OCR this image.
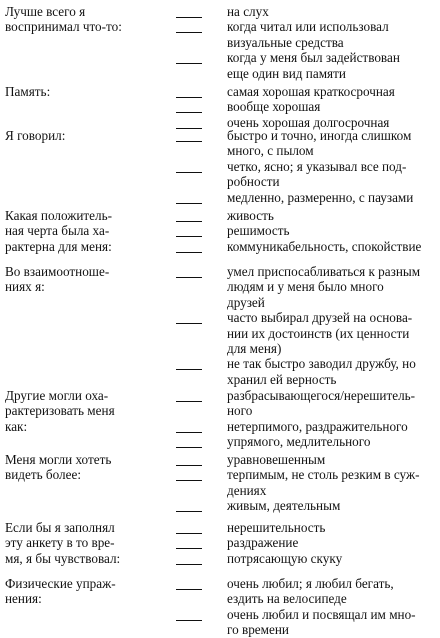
Лучше всего я
воспринимал что-то:
на слух
когда читал или использовал
визуальные средства
когда у меня был задействован
еще один вид памяти
Память:	самая хорошая краткосрочная
вообще хорошая
очень хорошая долгосрочная
Я говорил:	быстро и точно, иногда слишком
много, с пылом
четко, ясно; я указывал все под-
робности
медленно, размеренно, с паузами
Какая положитель-
ная черта была ха-
рактерна для меня:
живость
решимость
коммуникабельность, спокойствие
Во взаимоотноше-
ниях я:
умел приспосабливаться к разным
людям и у меня было много
друзей
часто выбирал друзей на основа-
нии их достоинств (их ценности
для меня)
не так быстро заводил дружбу, но
хранил ей верность
Другие могли оха-
рактеризовать меня
как:
разбрасывающегося/нерешитель-
ного
нетерпимого, раздражительного
упрямого, медлительного
Меня могли хотеть
видеть более:
уравновешенным
терпимым, не столь резким в суж-
дениях
живым, деятельным
Если бы я заполнял
эту анкету в то вре-
мя, я бы чувствовал:
нерешительность
раздражение
потрясающую скуку
Физические упраж-
нения:
очень любил; я любил бегать,
ездить на велосипеде
очень любил и посвящал им мно-
го времени
